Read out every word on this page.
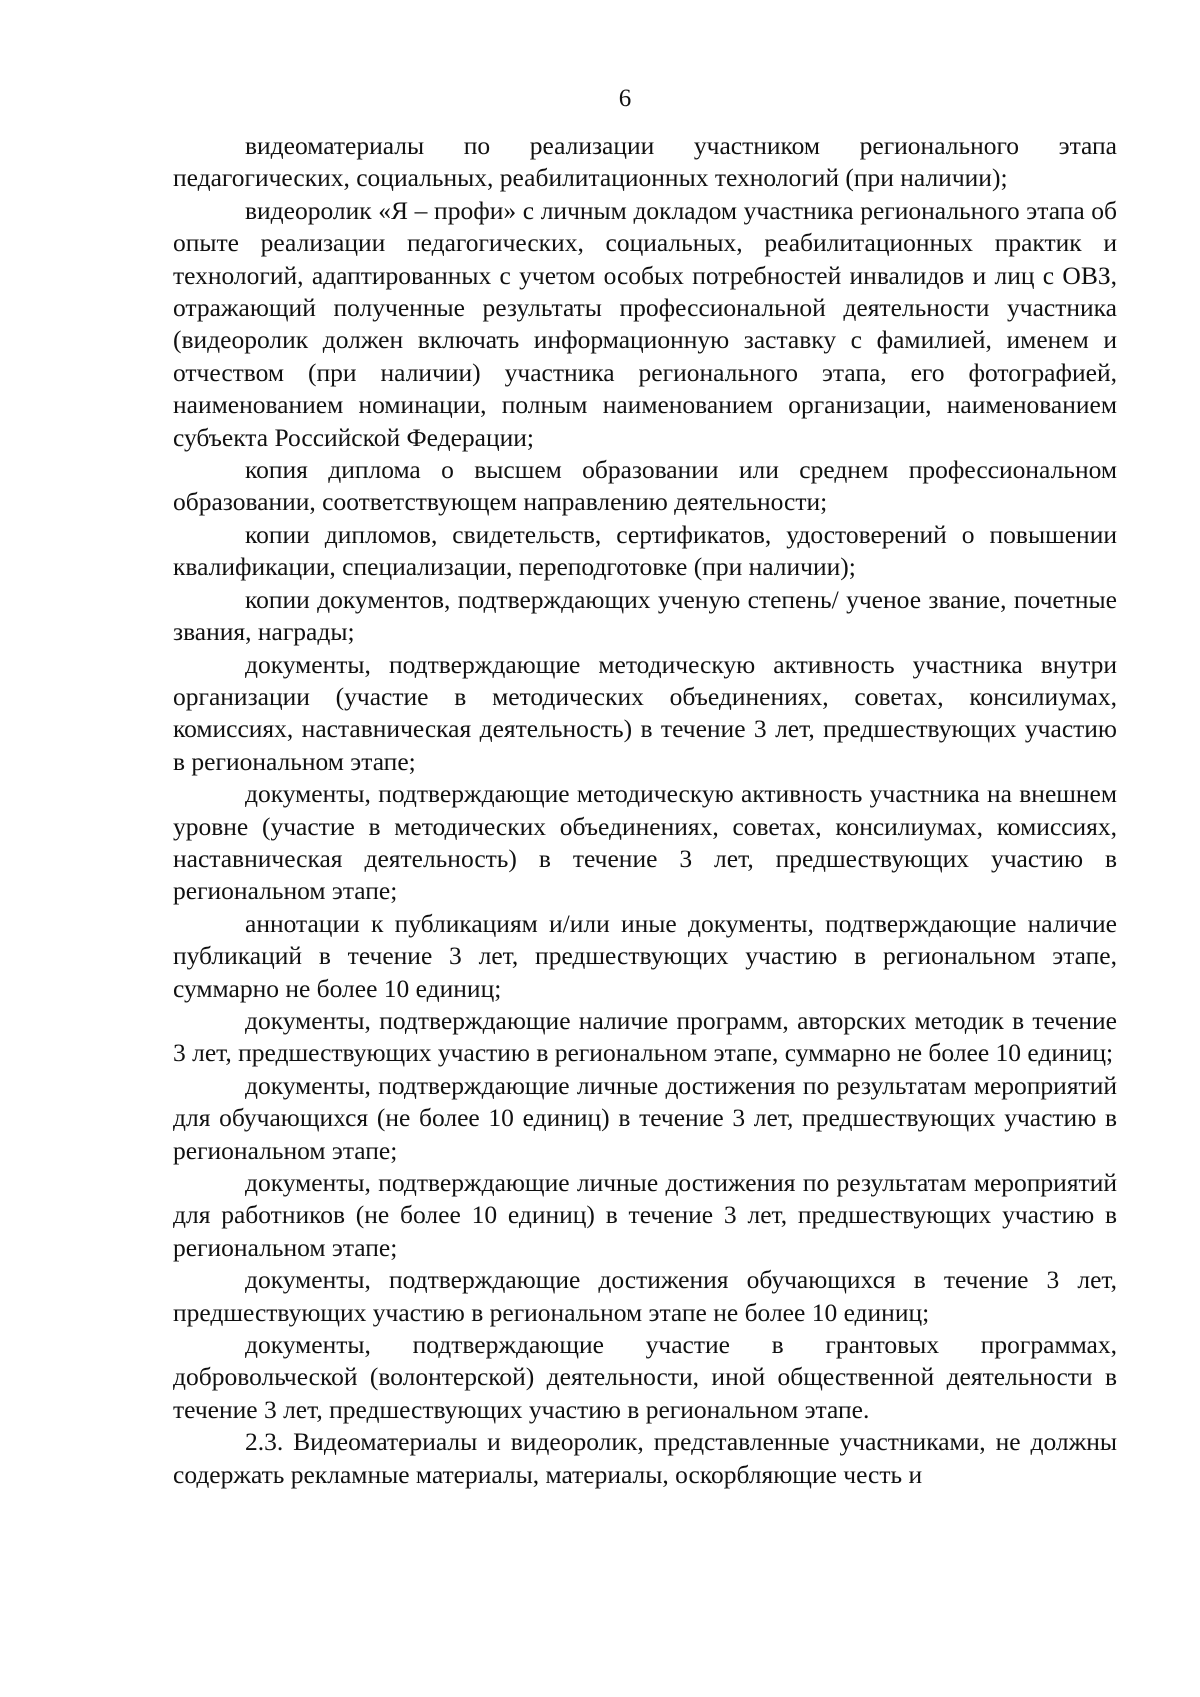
6

видеоматериалы по реализации участником регионального этапа педагогических, социальных, реабилитационных технологий (при наличии);

видеоролик «Я – профи» с личным докладом участника регионального этапа об опыте реализации педагогических, социальных, реабилитационных практик и технологий, адаптированных с учетом особых потребностей инвалидов и лиц с ОВЗ, отражающий полученные результаты профессиональной деятельности участника (видеоролик должен включать информационную заставку с фамилией, именем и отчеством (при наличии) участника регионального этапа, его фотографией, наименованием номинации, полным наименованием организации, наименованием субъекта Российской Федерации;

копия диплома о высшем образовании или среднем профессиональном образовании, соответствующем направлению деятельности;

копии дипломов, свидетельств, сертификатов, удостоверений о повышении квалификации, специализации, переподготовке (при наличии);

копии документов, подтверждающих ученую степень/ ученое звание, почетные звания, награды;

документы, подтверждающие методическую активность участника внутри организации (участие в методических объединениях, советах, консилиумах, комиссиях, наставническая деятельность) в течение 3 лет, предшествующих участию в региональном этапе;

документы, подтверждающие методическую активность участника на внешнем уровне (участие в методических объединениях, советах, консилиумах, комиссиях, наставническая деятельность) в течение 3 лет, предшествующих участию в региональном этапе;

аннотации к публикациям и/или иные документы, подтверждающие наличие публикаций в течение 3 лет, предшествующих участию в региональном этапе, суммарно не более 10 единиц;

документы, подтверждающие наличие программ, авторских методик в течение 3 лет, предшествующих участию в региональном этапе, суммарно не более 10 единиц;

документы, подтверждающие личные достижения по результатам мероприятий для обучающихся (не более 10 единиц) в течение 3 лет, предшествующих участию в региональном этапе;

документы, подтверждающие личные достижения по результатам мероприятий для работников (не более 10 единиц) в течение 3 лет, предшествующих участию в региональном этапе;

документы, подтверждающие достижения обучающихся в течение 3 лет, предшествующих участию в региональном этапе не более 10 единиц;

документы, подтверждающие участие в грантовых программах, добровольческой (волонтерской) деятельности, иной общественной деятельности в течение 3 лет, предшествующих участию в региональном этапе.

2.3. Видеоматериалы и видеоролик, представленные участниками, не должны содержать рекламные материалы, материалы, оскорбляющие честь и
